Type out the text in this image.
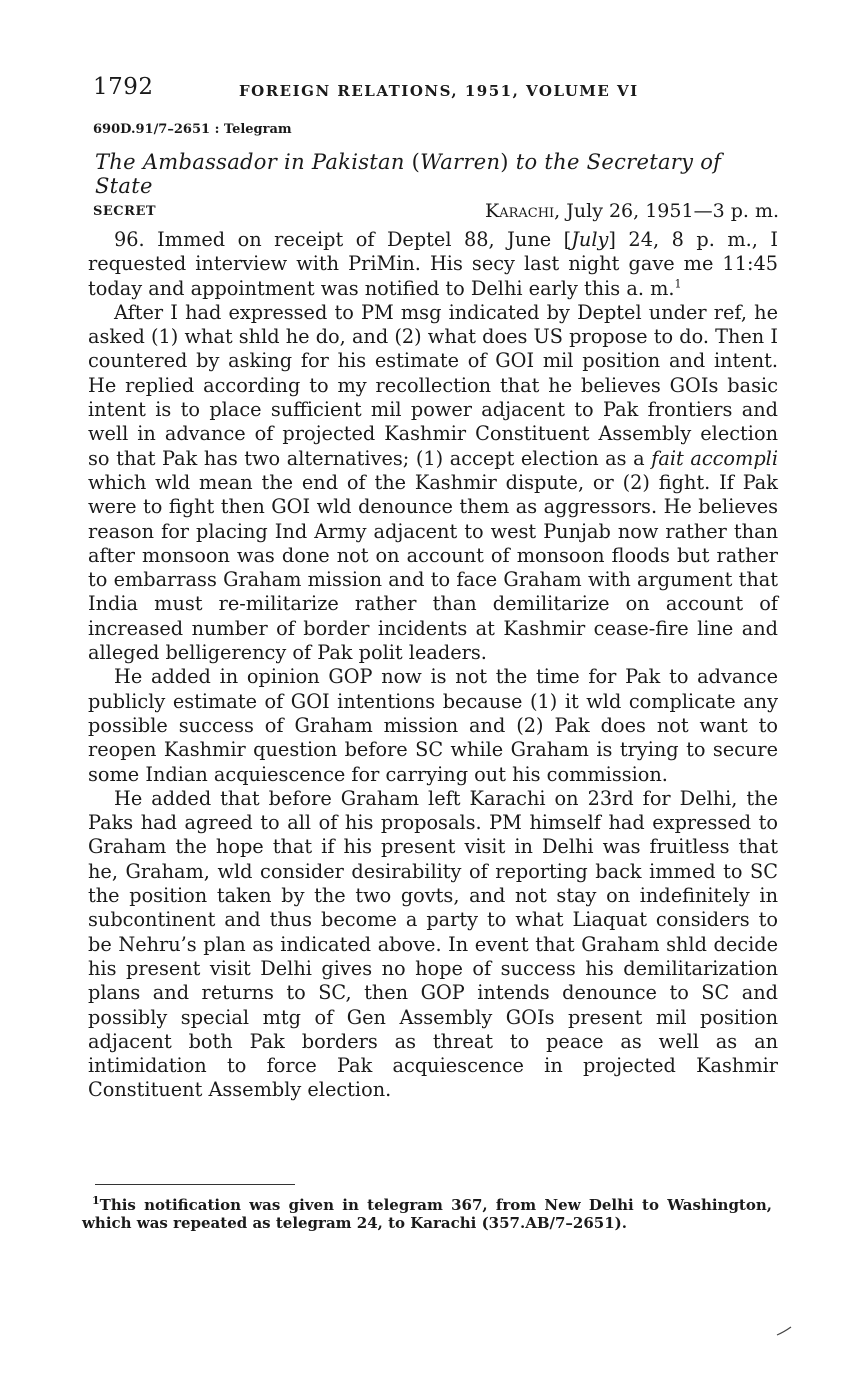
1792	FOREIGN RELATIONS, 1951, VOLUME VI
690D.91/7–2651 : Telegram
The Ambassador in Pakistan (Warren) to the Secretary of State
SECRET	Karachi, July 26, 1951—3 p. m.

96. Immed on receipt of Deptel 88, June [July] 24, 8 p. m., I requested interview with PriMin. His secy last night gave me 11:45 today and appointment was notified to Delhi early this a. m.$^1$

After I had expressed to PM msg indicated by Deptel under ref, he asked (1) what shld he do, and (2) what does US propose to do. Then I countered by asking for his estimate of GOI mil position and intent. He replied according to my recollection that he believes GOIs basic intent is to place sufficient mil power adjacent to Pak frontiers and well in advance of projected Kashmir Constituent Assembly election so that Pak has two alternatives; (1) accept election as a fait accompli which wld mean the end of the Kashmir dispute, or (2) fight. If Pak were to fight then GOI wld denounce them as aggressors. He believes reason for placing Ind Army adjacent to west Punjab now rather than after monsoon was done not on account of monsoon floods but rather to embarrass Graham mission and to face Graham with argument that India must re-militarize rather than demilitarize on account of increased number of border incidents at Kashmir cease-fire line and alleged belligerency of Pak polit leaders.

He added in opinion GOP now is not the time for Pak to advance publicly estimate of GOI intentions because (1) it wld complicate any possible success of Graham mission and (2) Pak does not want to reopen Kashmir question before SC while Graham is trying to secure some Indian acquiescence for carrying out his commission.

He added that before Graham left Karachi on 23rd for Delhi, the Paks had agreed to all of his proposals. PM himself had expressed to Graham the hope that if his present visit in Delhi was fruitless that he, Graham, wld consider desirability of reporting back immed to SC the position taken by the two govts, and not stay on indefinitely in subcontinent and thus become a party to what Liaquat considers to be Nehru’s plan as indicated above. In event that Graham shld decide his present visit Delhi gives no hope of success his demilitarization plans and returns to SC, then GOP intends denounce to SC and possibly special mtg of Gen Assembly GOIs present mil position adjacent both Pak borders as threat to peace as well as an intimidation to force Pak acquiescence in projected Kashmir Constituent Assembly election.

$^1$This notification was given in telegram 367, from New Delhi to Washington, which was repeated as telegram 24, to Karachi (357.AB/7–2651).
